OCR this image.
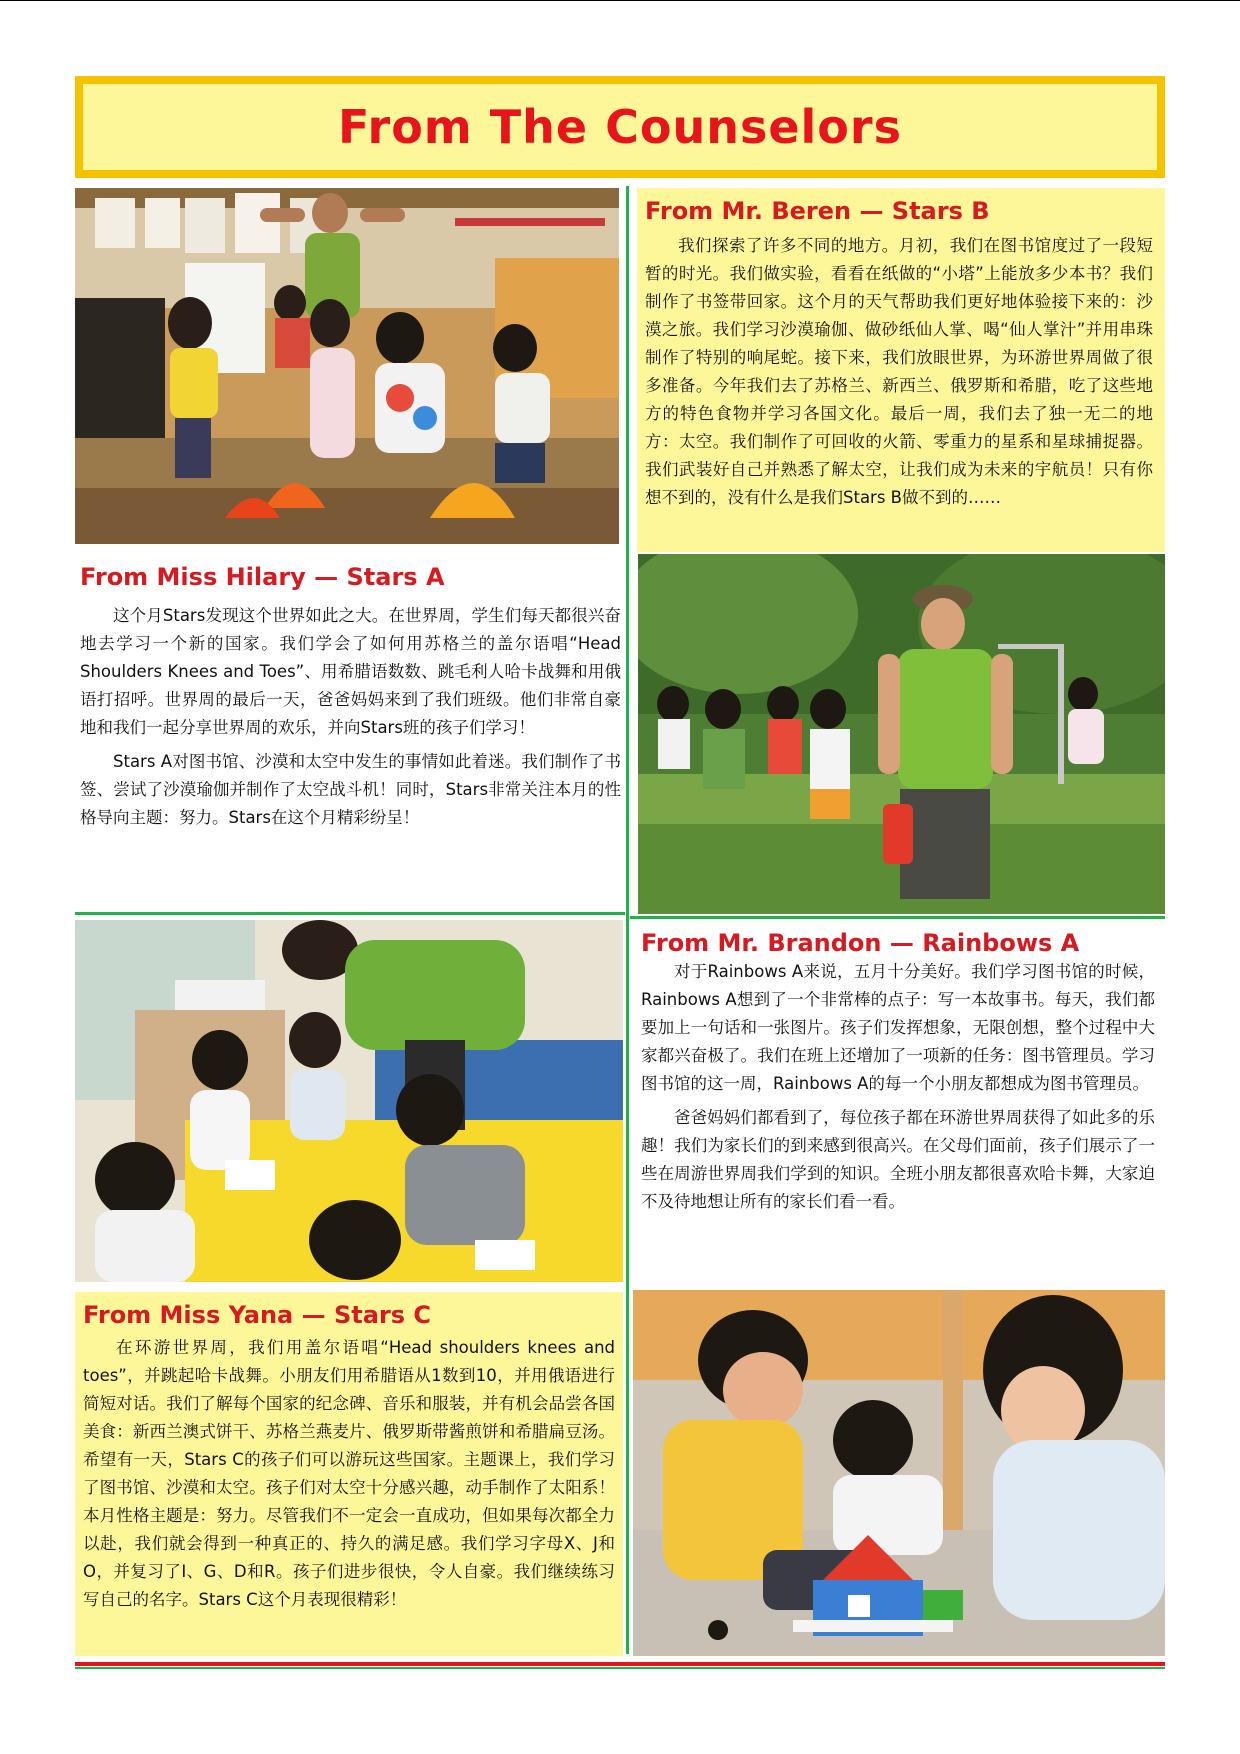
From The Counselors
From Mr. Beren — Stars B

我们探索了许多不同的地方。月初，我们在图书馆度过了一段短暂的时光。我们做实验，看看在纸做的“小塔”上能放多少本书？我们制作了书签带回家。这个月的天气帮助我们更好地体验接下来的：沙漠之旅。我们学习沙漠瑜伽、做砂纸仙人掌、喝“仙人掌汁”并用串珠制作了特别的响尾蛇。接下来，我们放眼世界，为环游世界周做了很多准备。今年我们去了苏格兰、新西兰、俄罗斯和希腊，吃了这些地方的特色食物并学习各国文化。最后一周，我们去了独一无二的地方：太空。我们制作了可回收的火箭、零重力的星系和星球捕捉器。我们武装好自己并熟悉了解太空，让我们成为未来的宇航员！只有你想不到的，没有什么是我们Stars B做不到的……

From Miss Hilary — Stars A

这个月Stars发现这个世界如此之大。在世界周，学生们每天都很兴奋地去学习一个新的国家。我们学会了如何用苏格兰的盖尔语唱“Head Shoulders Knees and Toes”、用希腊语数数、跳毛利人哈卡战舞和用俄语打招呼。世界周的最后一天，爸爸妈妈来到了我们班级。他们非常自豪地和我们一起分享世界周的欢乐，并向Stars班的孩子们学习！

Stars A对图书馆、沙漠和太空中发生的事情如此着迷。我们制作了书签、尝试了沙漠瑜伽并制作了太空战斗机！同时，Stars非常关注本月的性格导向主题：努力。Stars在这个月精彩纷呈！

From Mr. Brandon — Rainbows A

对于Rainbows A来说，五月十分美好。我们学习图书馆的时候，Rainbows A想到了一个非常棒的点子：写一本故事书。每天，我们都要加上一句话和一张图片。孩子们发挥想象，无限创想，整个过程中大家都兴奋极了。我们在班上还增加了一项新的任务：图书管理员。学习图书馆的这一周，Rainbows A的每一个小朋友都想成为图书管理员。

爸爸妈妈们都看到了，每位孩子都在环游世界周获得了如此多的乐趣！我们为家长们的到来感到很高兴。在父母们面前，孩子们展示了一些在周游世界周我们学到的知识。全班小朋友都很喜欢哈卡舞，大家迫不及待地想让所有的家长们看一看。

From Miss Yana — Stars C

在环游世界周，我们用盖尔语唱“Head shoulders knees and toes”，并跳起哈卡战舞。小朋友们用希腊语从1数到10，并用俄语进行简短对话。我们了解每个国家的纪念碑、音乐和服装，并有机会品尝各国美食：新西兰澳式饼干、苏格兰燕麦片、俄罗斯带酱煎饼和希腊扁豆汤。希望有一天，Stars C的孩子们可以游玩这些国家。主题课上，我们学习了图书馆、沙漠和太空。孩子们对太空十分感兴趣，动手制作了太阳系！本月性格主题是：努力。尽管我们不一定会一直成功，但如果每次都全力以赴，我们就会得到一种真正的、持久的满足感。我们学习字母X、J和O，并复习了I、G、D和R。孩子们进步很快，令人自豪。我们继续练习写自己的名字。Stars C这个月表现很精彩！
